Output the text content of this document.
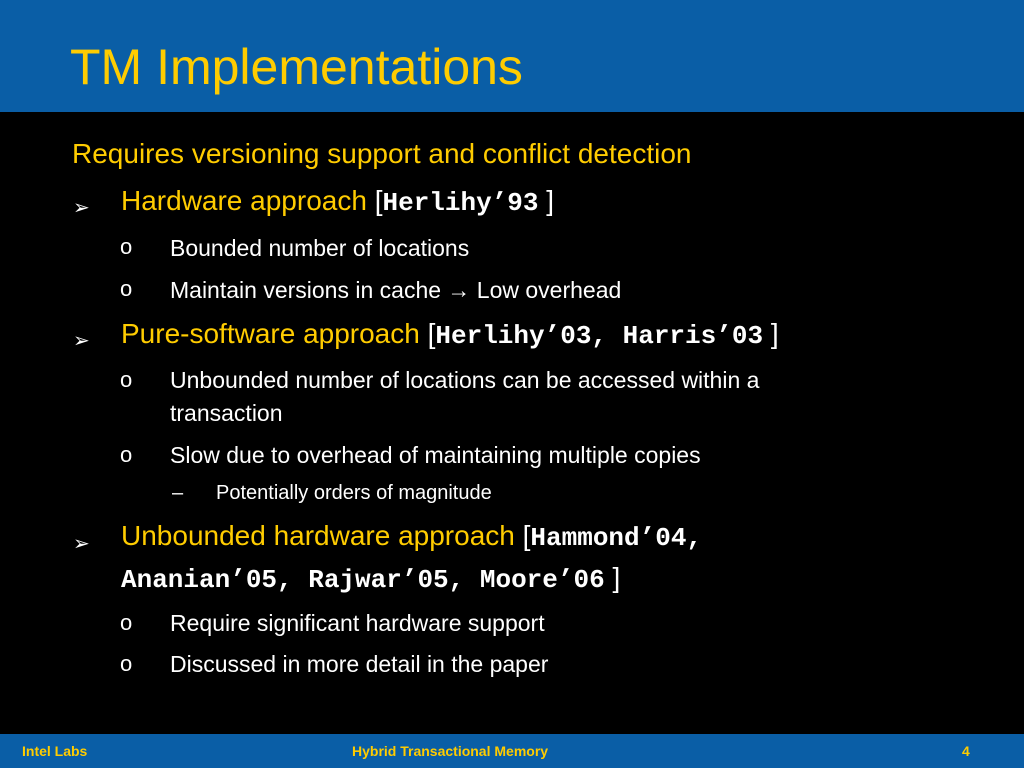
TM Implementations
Requires versioning support and conflict detection
➢ Hardware approach [Herlihy’93 ]
o Bounded number of locations
o Maintain versions in cache → Low overhead
➢ Pure-software approach [Herlihy’03, Harris’03 ]
o Unbounded number of locations can be accessed within a
transaction
o Slow due to overhead of maintaining multiple copies
– Potentially orders of magnitude
➢ Unbounded hardware approach [Hammond’04,
Ananian’05, Rajwar’05, Moore’06 ]
o Require significant hardware support
o Discussed in more detail in the paper
Intel Labs	Hybrid Transactional Memory	4
